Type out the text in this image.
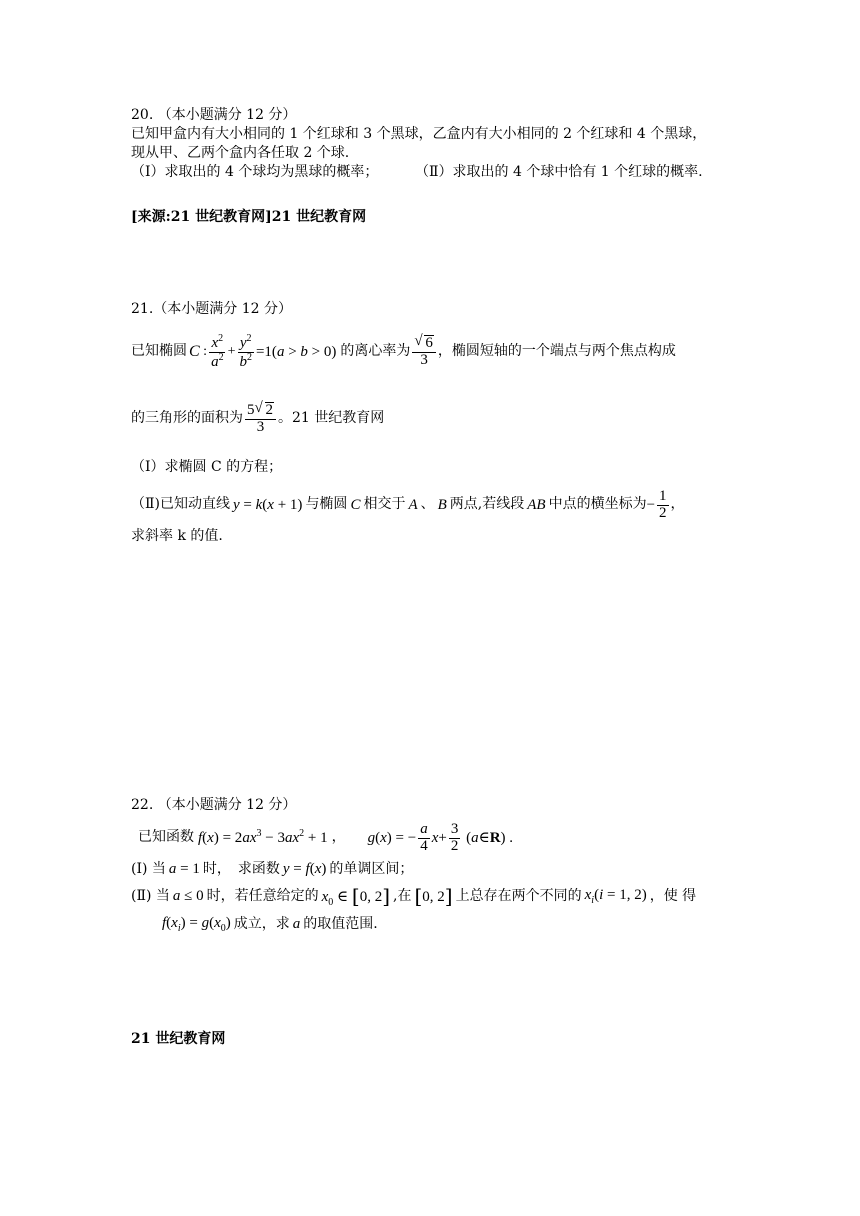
20. （本小题满分 12 分）
已知甲盒内有大小相同的 1 个红球和 3 个黑球，乙盒内有大小相同的 2 个红球和 4 个黑球，
现从甲、乙两个盒内各任取 2 个球.
（Ⅰ）求取出的 4 个球均为黑球的概率；	（Ⅱ）求取出的 4 个球中恰有 1 个红球的概率.
[来源:21 世纪教育网]21 世纪教育网
21.（本小题满分 12 分）
已知椭圆 C : $\frac{x^2}{a^2} + \frac{y^2}{b^2} =1(a > b > 0)$ 的离心率为 √ $\frac{6}{3}$ ，椭圆短轴的一个端点与两个焦点构成
的三角形的面积为 $\frac{5 √ 2}{3}$ 。21 世纪教育网
（Ⅰ）求椭圆 C 的方程；
（Ⅱ)已知动直线 y = k(x + 1) 与椭圆 C 相交于 A 、 B 两点,若线段 AB 中点的横坐标为 − $\frac{1}{2}$ ，
求斜率 k 的值.
22. （本小题满分 12 分）
已知函数 $f(x) = 2ax^3 - 3ax^2 + 1$ ， g ( x ) = − $\frac{a}{4}$ $x + \frac{3}{2}$ ( a ∈ R ) .
(Ⅰ) 当 a = 1 时，　求函数 y = f(x) 的单调区间；
(Ⅱ) 当 a ≤ 0 时，若任意给定的 $x_0$ ∈ [0, 2] ,在 [0, 2] 上总存在两个不同的 $x_i(i = 1$, 2) ，使 得
$f(x_i) = g(x_0)$ 成立，求 a 的取值范围.
21 世纪教育网
